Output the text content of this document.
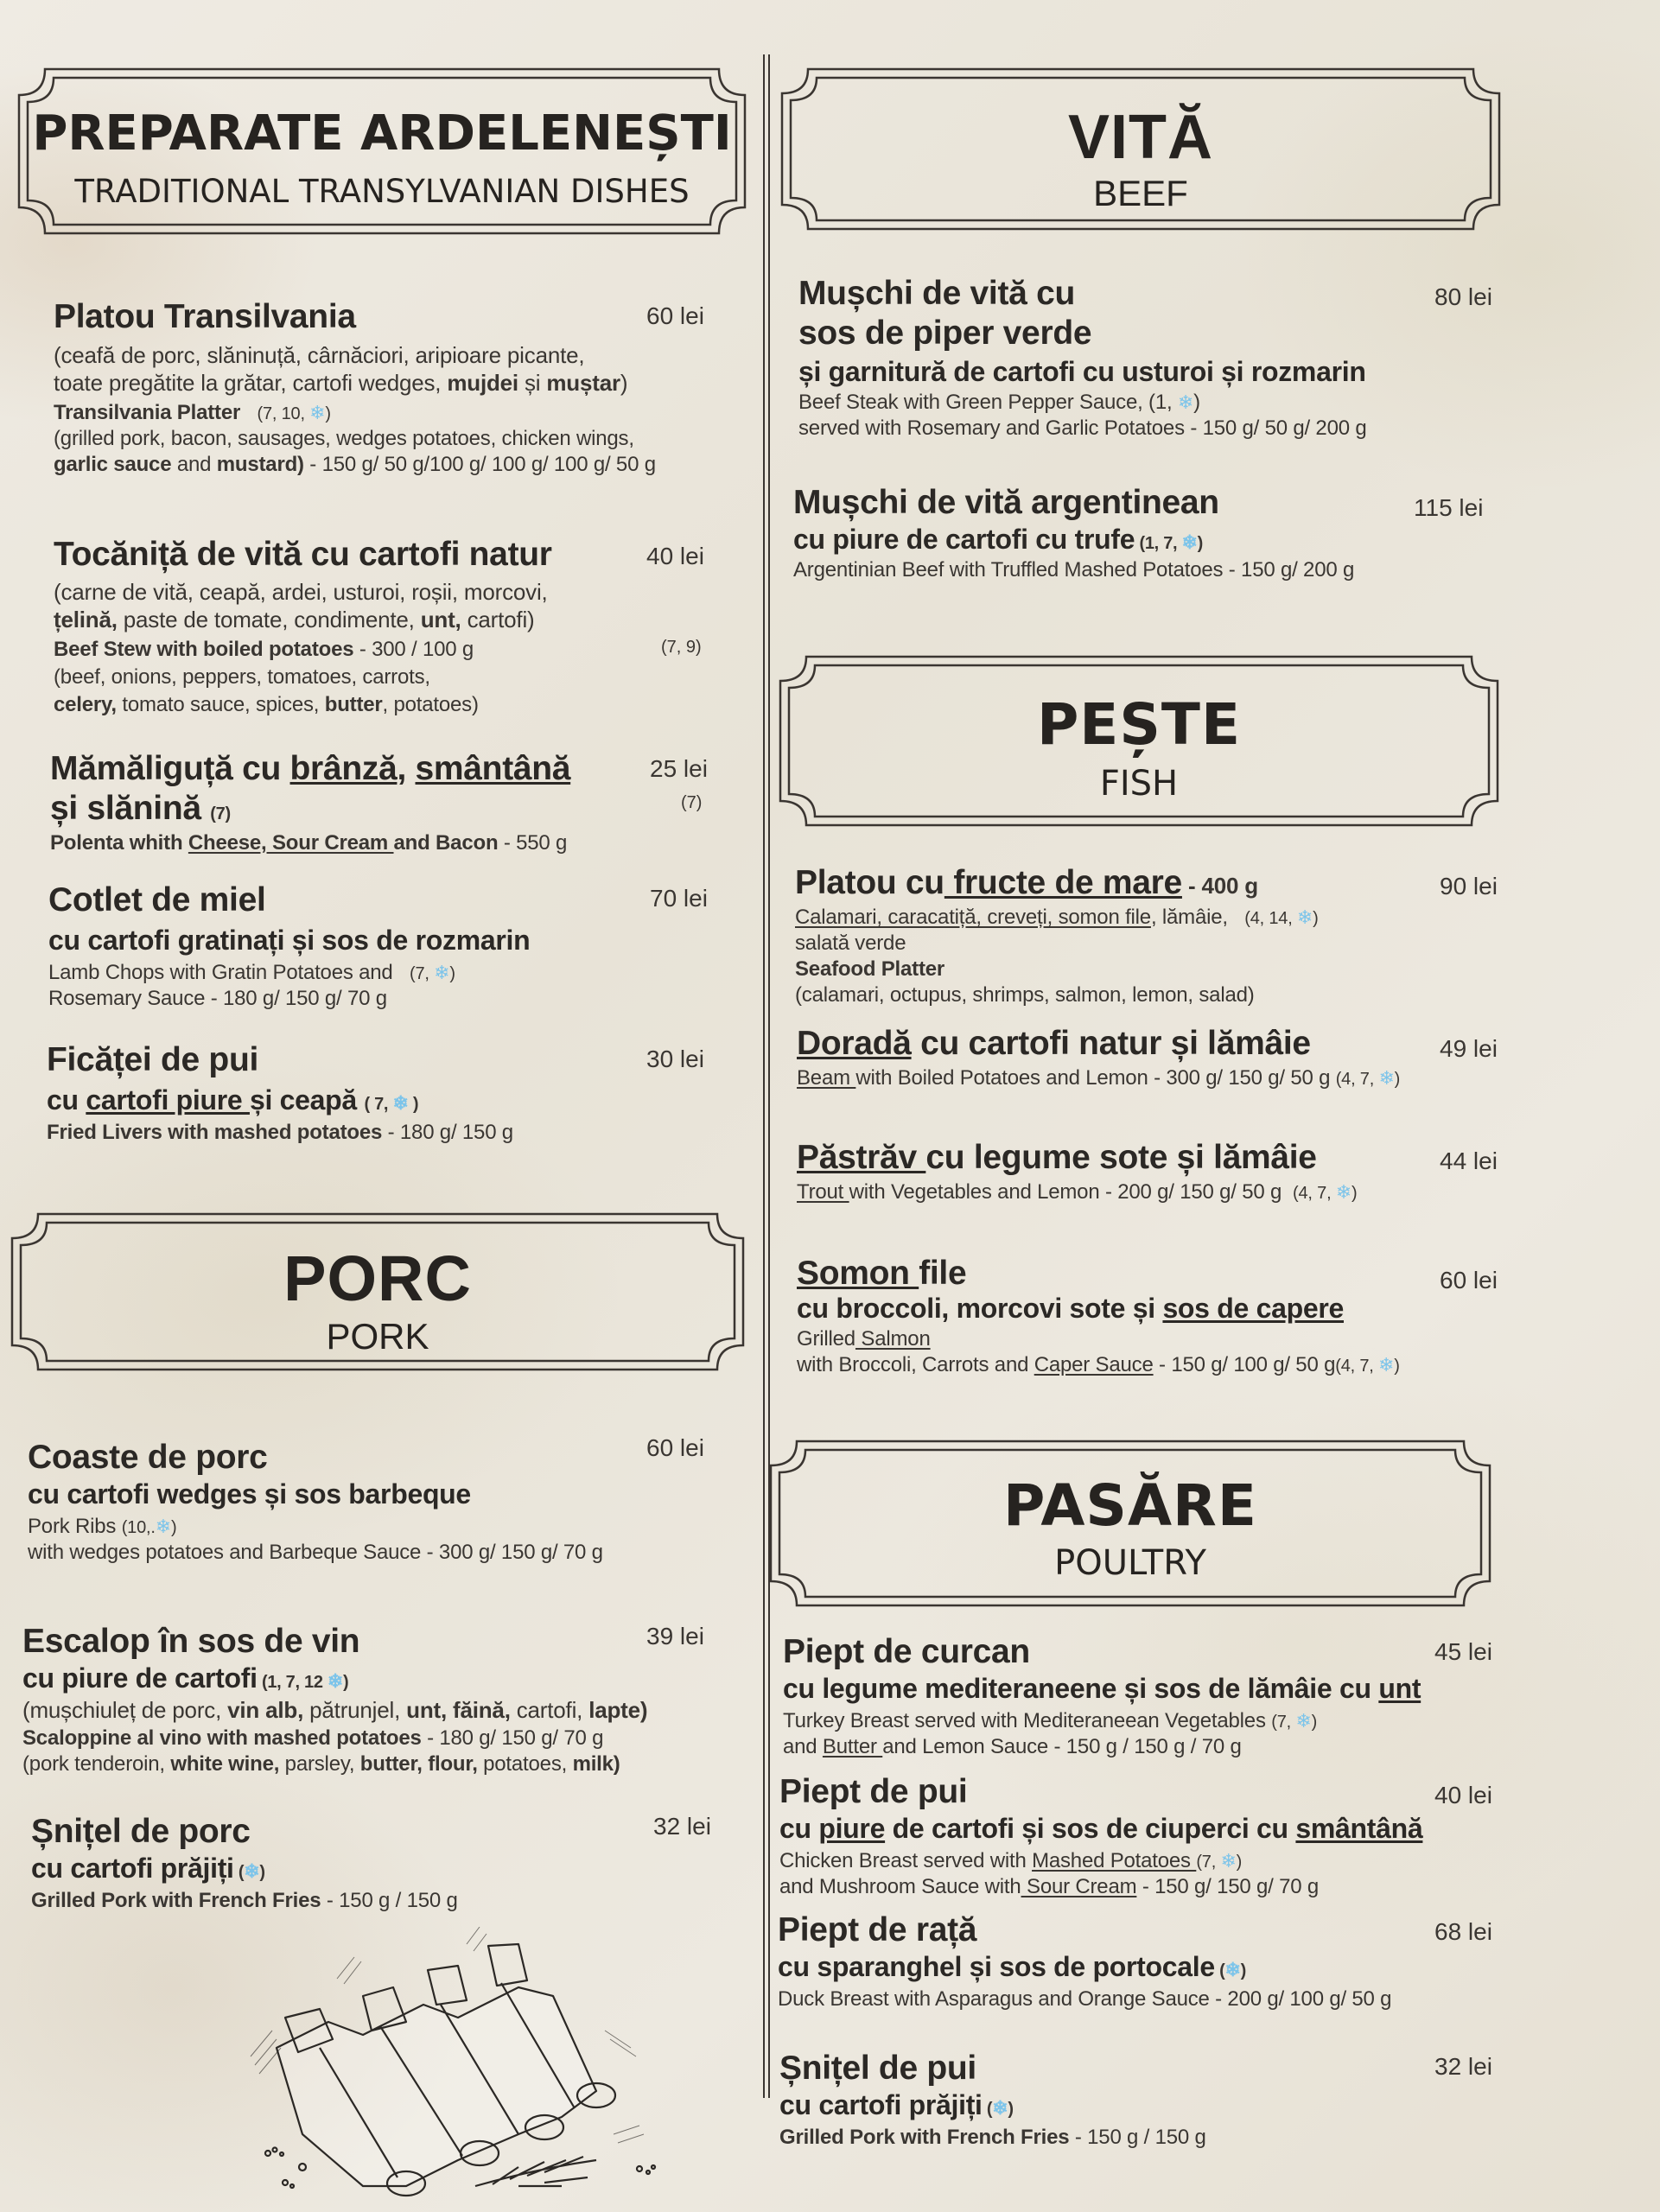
PREPARATE ARDELENEȘTI
TRADITIONAL TRANSYLVANIAN DISHES
Platou Transilvania
(ceafă de porc, slăninuță, cârnăciori, aripioare picante,
toate pregătite la grătar, cartofi wedges, mujdei și muștar)
Transilvania Platter (7, 10, ❄)
(grilled pork, bacon, sausages, wedges potatoes, chicken wings,
garlic sauce and mustard) - 150 g/ 50 g/100 g/ 100 g/ 100 g/ 50 g
60 lei
Tocăniță de vită cu cartofi natur
(carne de vită, ceapă, ardei, usturoi, roșii, morcovi,
țelină, paste de tomate, condimente, unt, cartofi)
Beef Stew with boiled potatoes - 300 / 100 g
(beef, onions, peppers, tomatoes, carrots,
celery, tomato sauce, spices, butter, potatoes)
40 lei
(7, 9)
Mămăliguță cu brânză, smântână
și slănină (7)
Polenta whith Cheese, Sour Cream and Bacon - 550 g
25 lei
(7)
Cotlet de miel
cu cartofi gratinați și sos de rozmarin
Lamb Chops with Gratin Potatoes and (7, ❄)
Rosemary Sauce - 180 g/ 150 g/ 70 g
70 lei
Ficăței de pui
cu cartofi piure și ceapă ( 7, ❄ )
Fried Livers with mashed potatoes - 180 g/ 150 g
30 lei
PORC
PORK
Coaste de porc
cu cartofi wedges și sos barbeque
Pork Ribs (10,.❄)
with wedges potatoes and Barbeque Sauce - 300 g/ 150 g/ 70 g
60 lei
Escalop în sos de vin
cu piure de cartofi (1, 7, 12 ❄)
(mușchiuleț de porc, vin alb, pătrunjel, unt, făină, cartofi, lapte)
Scaloppine al vino with mashed potatoes - 180 g/ 150 g/ 70 g
(pork tenderoin, white wine, parsley, butter, flour, potatoes, milk)
39 lei
Șnițel de porc
cu cartofi prăjiți (❄)
Grilled Pork with French Fries - 150 g / 150 g
32 lei
VITĂ
BEEF
Mușchi de vită cu
sos de piper verde
și garnitură de cartofi cu usturoi și rozmarin
Beef Steak with Green Pepper Sauce, (1, ❄)
served with Rosemary and Garlic Potatoes - 150 g/ 50 g/ 200 g
80 lei
Mușchi de vită argentinean
cu piure de cartofi cu trufe (1, 7, ❄)
Argentinian Beef with Truffled Mashed Potatoes - 150 g/ 200 g
115 lei
PEȘTE
FISH
Platou cu fructe de mare - 400 g
Calamari, caracatiță, creveți, somon file, lămâie, (4, 14, ❄)
salată verde
Seafood Platter
(calamari, octupus, shrimps, salmon, lemon, salad)
90 lei
Doradă cu cartofi natur și lămâie
Beam with Boiled Potatoes and Lemon - 300 g/ 150 g/ 50 g (4, 7, ❄)
49 lei
Păstrăv cu legume sote și lămâie
Trout with Vegetables and Lemon - 200 g/ 150 g/ 50 g (4, 7, ❄)
44 lei
Somon file
cu broccoli, morcovi sote și sos de capere
Grilled Salmon
with Broccoli, Carrots and Caper Sauce - 150 g/ 100 g/ 50 g(4, 7, ❄)
60 lei
PASĂRE
POULTRY
Piept de curcan
cu legume mediteraneene și sos de lămâie cu unt
Turkey Breast served with Mediteraneean Vegetables (7, ❄)
and Butter and Lemon Sauce - 150 g / 150 g / 70 g
45 lei
Piept de pui
cu piure de cartofi și sos de ciuperci cu smântână
Chicken Breast served with Mashed Potatoes (7, ❄)
and Mushroom Sauce with Sour Cream - 150 g/ 150 g/ 70 g
40 lei
Piept de rață
cu sparanghel și sos de portocale (❄)
Duck Breast with Asparagus and Orange Sauce - 200 g/ 100 g/ 50 g
68 lei
Șnițel de pui
cu cartofi prăjiți (❄)
Grilled Pork with French Fries - 150 g / 150 g
32 lei
